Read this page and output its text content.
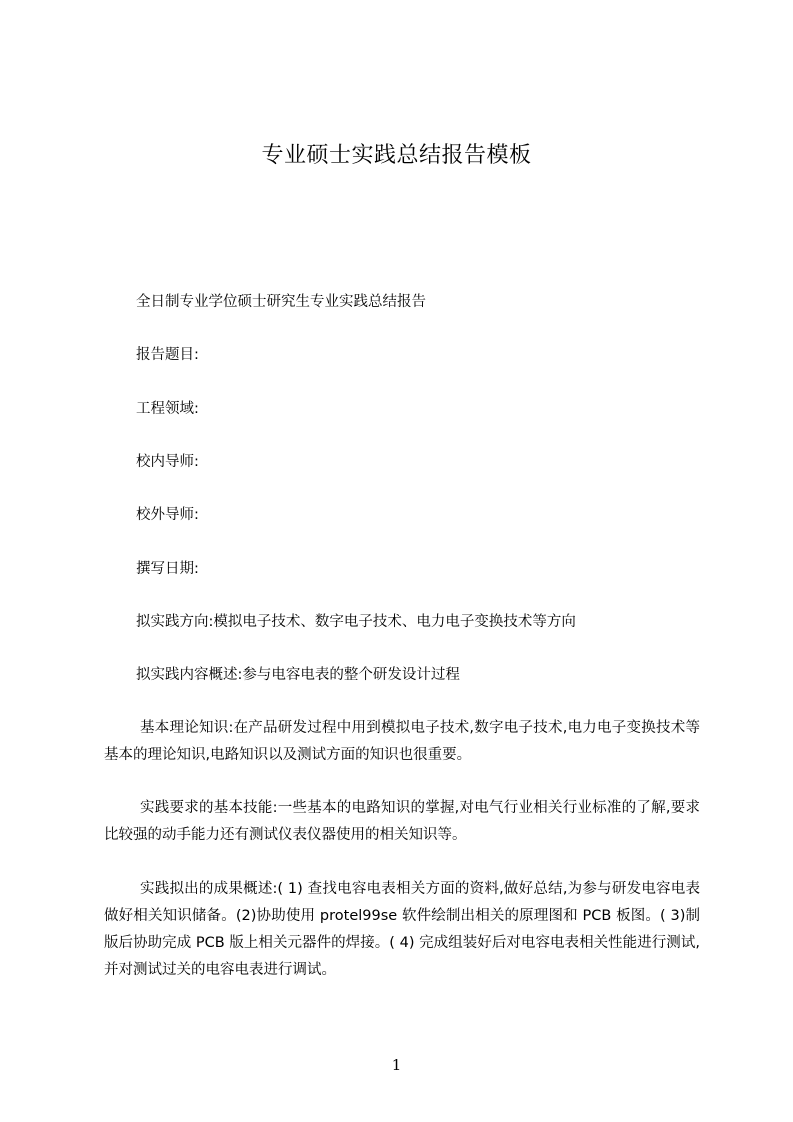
专业硕士实践总结报告模板
全日制专业学位硕士研究生专业实践总结报告
报告题目:
工程领域:
校内导师:
校外导师:
撰写日期:
拟实践方向:模拟电子技术、数字电子技术、电力电子变换技术等方向
拟实践内容概述:参与电容电表的整个研发设计过程
基本理论知识:在产品研发过程中用到模拟电子技术,数字电子技术,电力电子变换技术等基本的理论知识,电路知识以及测试方面的知识也很重要。
实践要求的基本技能:一些基本的电路知识的掌握,对电气行业相关行业标准的了解,要求比较强的动手能力还有测试仪表仪器使用的相关知识等。
实践拟出的成果概述:( 1) 查找电容电表相关方面的资料,做好总结,为参与研发电容电表做好相关知识储备。(2)协助使用 protel99se 软件绘制出相关的原理图和 PCB 板图。( 3)制版后协助完成 PCB 版上相关元器件的焊接。( 4) 完成组装好后对电容电表相关性能进行测试,并对测试过关的电容电表进行调试。
1
